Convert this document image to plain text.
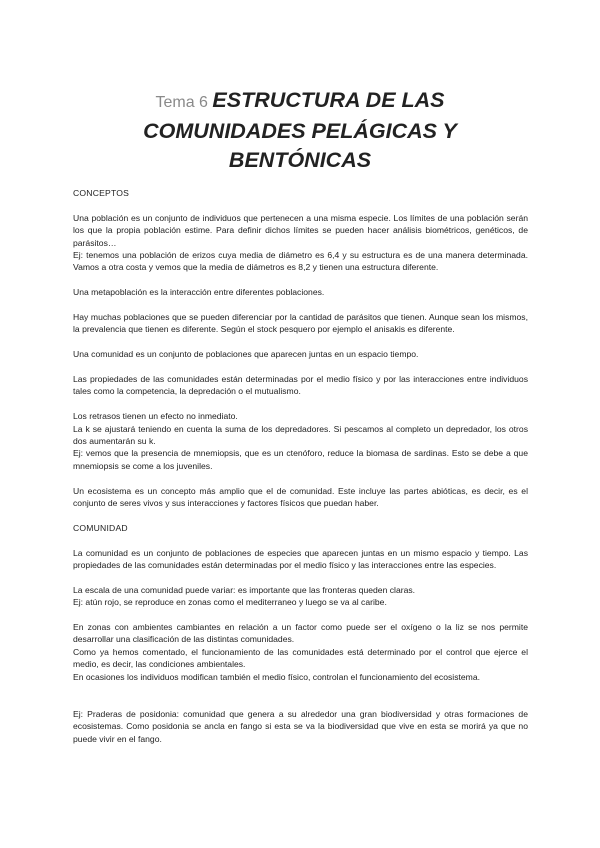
Tema 6 ESTRUCTURA DE LAS COMUNIDADES PELÁGICAS Y BENTÓNICAS

CONCEPTOS

Una población es un conjunto de individuos que pertenecen a una misma especie. Los límites de una población serán los que la propia población estime. Para definir dichos límites se pueden hacer análisis biométricos, genéticos, de parásitos…

Ej: tenemos una población de erizos cuya media de diámetro es 6,4 y su estructura es de una manera determinada. Vamos a otra costa y vemos que la media de diámetros es 8,2 y tienen una estructura diferente.

Una metapoblación es la interacción entre diferentes poblaciones.

Hay muchas poblaciones que se pueden diferenciar por la cantidad de parásitos que tienen. Aunque sean los mismos, la prevalencia que tienen es diferente. Según el stock pesquero por ejemplo el anisakis es diferente.

Una comunidad es un conjunto de poblaciones que aparecen juntas en un espacio tiempo.

Las propiedades de las comunidades están determinadas por el medio físico y por las interacciones entre individuos tales como la competencia, la depredación o el mutualismo.

Los retrasos tienen un efecto no inmediato.

La k se ajustará teniendo en cuenta la suma de los depredadores. Si pescamos al completo un depredador, los otros dos aumentarán su k.

Ej: vemos que la presencia de mnemiopsis, que es un ctenóforo, reduce la biomasa de sardinas. Esto se debe a que mnemiopsis se come a los juveniles.

Un ecosistema es un concepto más amplio que el de comunidad. Este incluye las partes abióticas, es decir, es el conjunto de seres vivos y sus interacciones y factores físicos que puedan haber.

COMUNIDAD

La comunidad es un conjunto de poblaciones de especies que aparecen juntas en un mismo espacio y tiempo. Las propiedades de las comunidades están determinadas por el medio físico y las interacciones entre las especies.

La escala de una comunidad puede variar: es importante que las fronteras queden claras.

Ej: atún rojo, se reproduce en zonas como el mediterraneo y luego se va al caribe.

En zonas con ambientes cambiantes en relación a un factor como puede ser el oxígeno o la liz se nos permite desarrollar una clasificación de las distintas comunidades.

Como ya hemos comentado, el funcionamiento de las comunidades está determinado por el control que ejerce el medio, es decir, las condiciones ambientales.

En ocasiones los individuos modifican también el medio físico, controlan el funcionamiento del ecosistema.

Ej: Praderas de posidonia: comunidad que genera a su alrededor una gran biodiversidad y otras formaciones de ecosistemas. Como posidonia se ancla en fango si esta se va la biodiversidad que vive en esta se morirá ya que no puede vivir en el fango.
